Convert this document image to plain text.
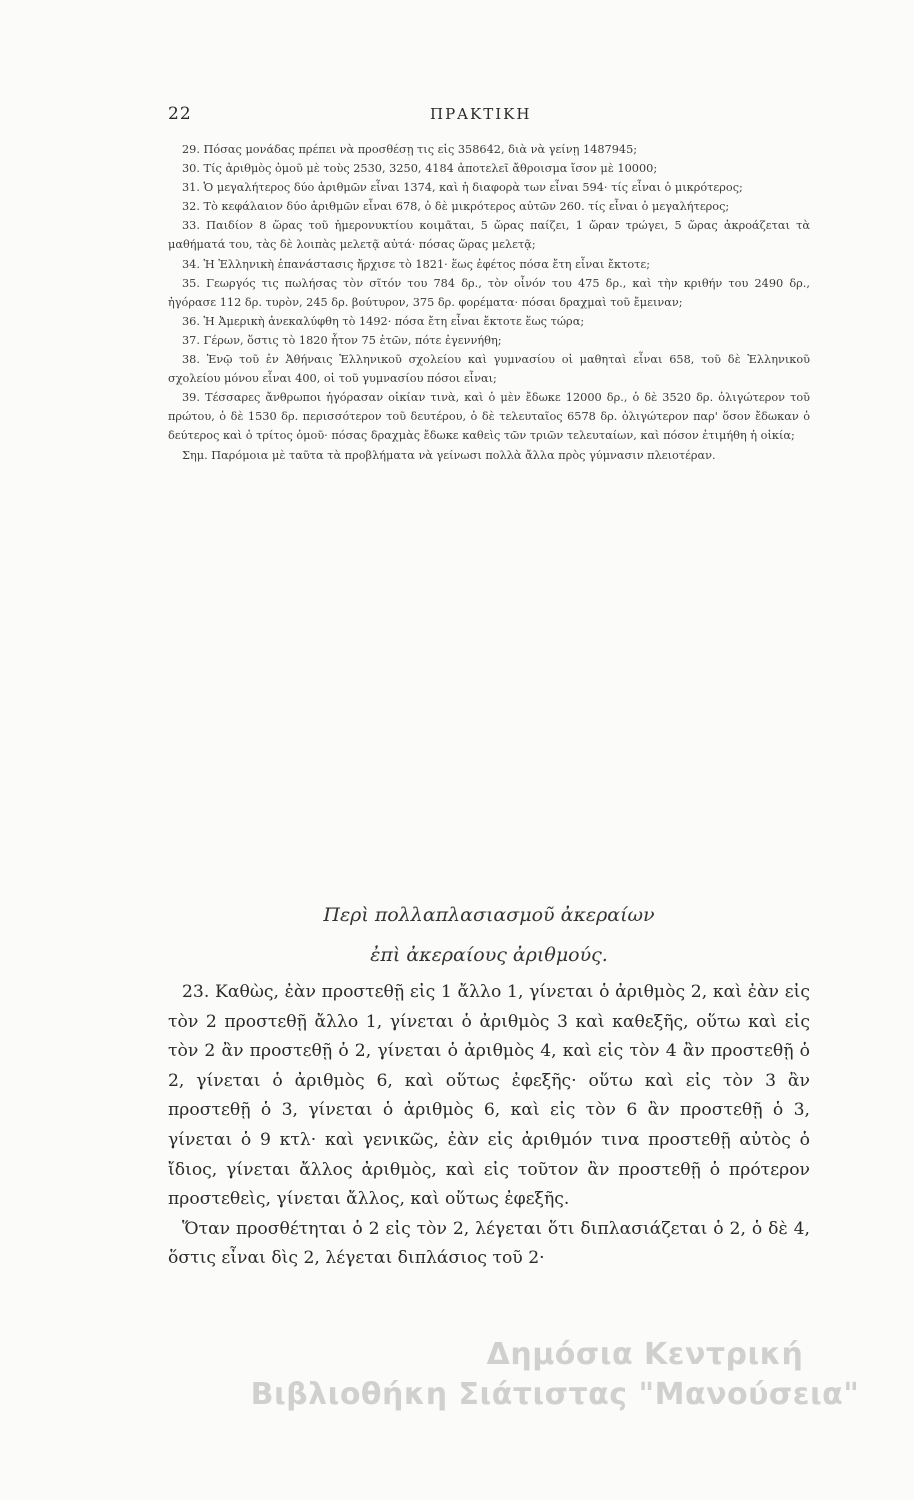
22	ΠΡΑΚΤΙΚΗ

29. Πόσας μονάδας πρέπει νὰ προσθέσῃ τις εἰς 358642, διὰ νὰ γείνῃ 1487945;

30. Τίς ἀριθμὸς ὁμοῦ μὲ τοὺς 2530, 3250, 4184 ἀποτελεῖ ἄθροισμα ἴσον μὲ 10000;

31. Ὁ μεγαλήτερος δύο ἀριθμῶν εἶναι 1374, καὶ ἡ διαφορὰ των εἶναι 594· τίς εἶναι ὁ μικρότερος;

32. Τὸ κεφάλαιον δύο ἀριθμῶν εἶναι 678, ὁ δὲ μικρότερος αὐτῶν 260. τίς εἶναι ὁ μεγαλήτερος;

33. Παιδίον 8 ὥρας τοῦ ἡμερονυκτίου κοιμᾶται, 5 ὥρας παίζει, 1 ὥραν τρώγει, 5 ὥρας ἀκροάζεται τὰ μαθήματά του, τὰς δὲ λοιπὰς μελετᾷ αὐτά· πόσας ὥρας μελετᾷ;

34. Ἡ Ἑλληνικὴ ἐπανάστασις ἤρχισε τὸ 1821· ἕως ἐφέτος πόσα ἔτη εἶναι ἔκτοτε;

35. Γεωργός τις πωλήσας τὸν σῖτόν του 784 δρ., τὸν οἶνόν του 475 δρ., καὶ τὴν κριθήν του 2490 δρ., ἠγόρασε 112 δρ. τυρὸν, 245 δρ. βούτυρον, 375 δρ. φορέματα· πόσαι δραχμαὶ τοῦ ἔμειναν;

36. Ἡ Ἀμερικὴ ἀνεκαλύφθη τὸ 1492· πόσα ἔτη εἶναι ἔκτοτε ἕως τώρα;

37. Γέρων, ὅστις τὸ 1820 ἦτον 75 ἐτῶν, πότε ἐγεννήθη;

38. Ἐνῷ τοῦ ἐν Ἀθήναις Ἑλληνικοῦ σχολείου καὶ γυμνασίου οἱ μαθηταὶ εἶναι 658, τοῦ δὲ Ἑλληνικοῦ σχολείου μόνου εἶναι 400, οἱ τοῦ γυμνασίου πόσοι εἶναι;

39. Τέσσαρες ἄνθρωποι ἠγόρασαν οἰκίαν τινὰ, καὶ ὁ μὲν ἔδωκε 12000 δρ., ὁ δὲ 3520 δρ. ὀλιγώτερον τοῦ πρώτου, ὁ δὲ 1530 δρ. περισσότερον τοῦ δευτέρου, ὁ δὲ τελευταῖος 6578 δρ. ὀλιγώτερον παρ' ὅσον ἔδωκαν ὁ δεύτερος καὶ ὁ τρίτος ὁμοῦ· πόσας δραχμὰς ἔδωκε καθεὶς τῶν τριῶν τελευταίων, καὶ πόσον ἐτιμήθη ἡ οἰκία;

Σημ. Παρόμοια μὲ ταῦτα τὰ προβλήματα νὰ γείνωσι πολλὰ ἄλλα πρὸς γύμνασιν πλειοτέραν.

Περὶ πολλαπλασιασμοῦ ἀκεραίων
ἐπὶ ἀκεραίους ἀριθμούς.

23. Καθὼς, ἐὰν προστεθῇ εἰς 1 ἄλλο 1, γίνεται ὁ ἀριθμὸς 2, καὶ ἐὰν εἰς τὸν 2 προστεθῇ ἄλλο 1, γίνεται ὁ ἀριθμὸς 3 καὶ καθεξῆς, οὕτω καὶ εἰς τὸν 2 ἂν προστεθῇ ὁ 2, γίνεται ὁ ἀριθμὸς 4, καὶ εἰς τὸν 4 ἂν προστεθῇ ὁ 2, γίνεται ὁ ἀριθμὸς 6, καὶ οὕτως ἐφεξῆς· οὕτω καὶ εἰς τὸν 3 ἂν προστεθῇ ὁ 3, γίνεται ὁ ἀριθμὸς 6, καὶ εἰς τὸν 6 ἂν προστεθῇ ὁ 3, γίνεται ὁ 9 κτλ· καὶ γενικῶς, ἐὰν εἰς ἀριθμόν τινα προστεθῇ αὐτὸς ὁ ἴδιος, γίνεται ἄλλος ἀριθμὸς, καὶ εἰς τοῦτον ἂν προστεθῇ ὁ πρότερον προστεθεὶς, γίνεται ἄλλος, καὶ οὕτως ἐφεξῆς.

Ὅταν προσθέτηται ὁ 2 εἰς τὸν 2, λέγεται ὅτι διπλασιάζεται ὁ 2, ὁ δὲ 4, ὅστις εἶναι δὶς 2, λέγεται διπλάσιος τοῦ 2·

Δημόσια Κεντρική
Βιβλιοθήκη Σιάτιστας "Μανούσεια"
